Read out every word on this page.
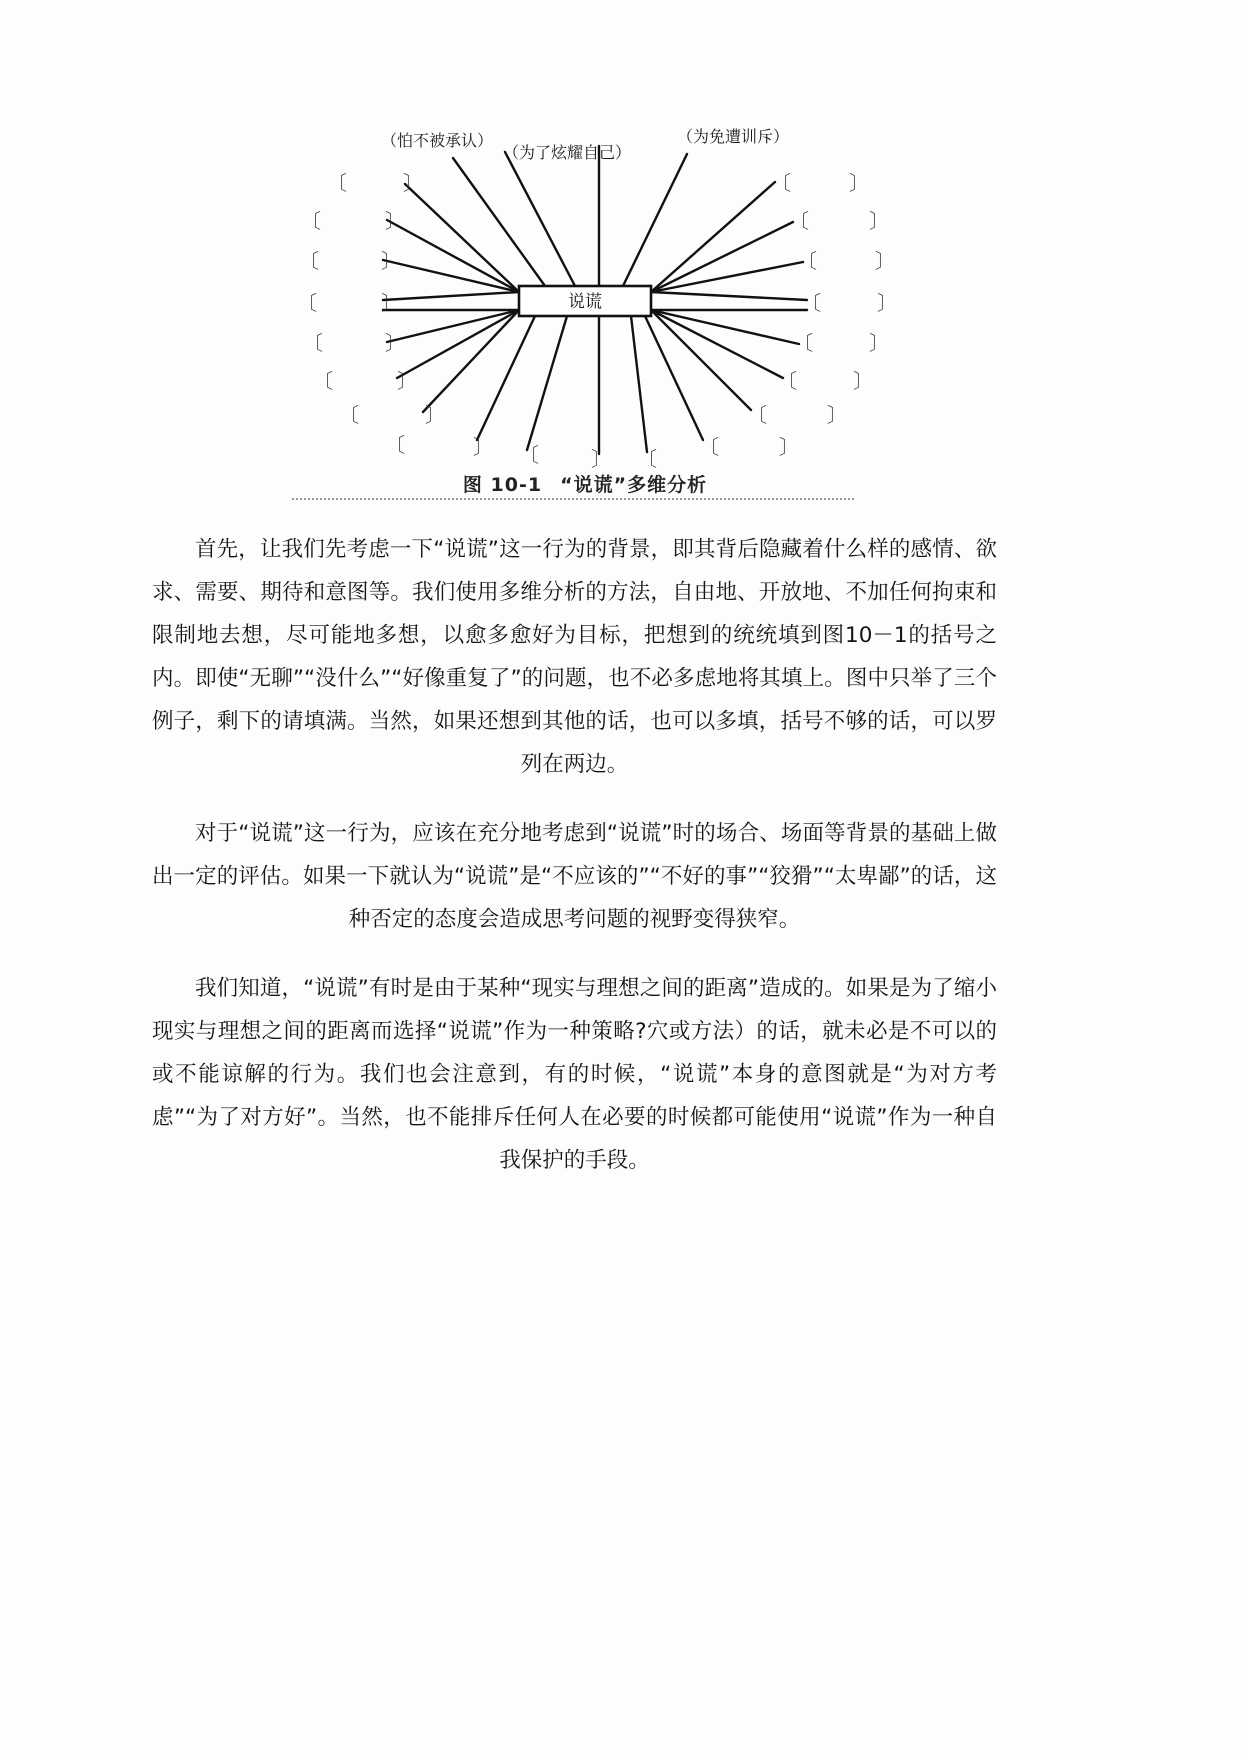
说谎
（怕不被承认）
（为了炫耀自己）
（为免遭训斥）
〔
〔
〔
〔
〔
〔
〔
〔
〕
〕
〕
〕
〕
〕
〕
〕 〔	〕 〔
〔
〔
〔
〔
〔
〔
〔
〔
〕
〕
〕
〕
〕
〕
〕
〕
图 10-1 “说谎”多维分析

首先，让我们先考虑一下“说谎”这一行为的背景，即其背后隐藏着什么样的感情、欲求、需要、期待和意图等。我们使用多维分析的方法，自由地、开放地、不加任何拘束和限制地去想，尽可能地多想，以愈多愈好为目标，把想到的统统填到图10－1的括号之内。即使“无聊”“没什么”“好像重复了”的问题，也不必多虑地将其填上。图中只举了三个例子，剩下的请填满。当然，如果还想到其他的话，也可以多填，括号不够的话，可以罗列在两边。

对于“说谎”这一行为，应该在充分地考虑到“说谎”时的场合、场面等背景的基础上做出一定的评估。如果一下就认为“说谎”是“不应该的”“不好的事”“狡猾”“太卑鄙”的话，这种否定的态度会造成思考问题的视野变得狭窄。

我们知道，“说谎”有时是由于某种“现实与理想之间的距离”造成的。如果是为了缩小现实与理想之间的距离而选择“说谎”作为一种策略?穴或方法）的话，就未必是不可以的或不能谅解的行为。我们也会注意到，有的时候，“说谎”本身的意图就是“为对方考虑”“为了对方好”。当然，也不能排斥任何人在必要的时候都可能使用“说谎”作为一种自我保护的手段。
